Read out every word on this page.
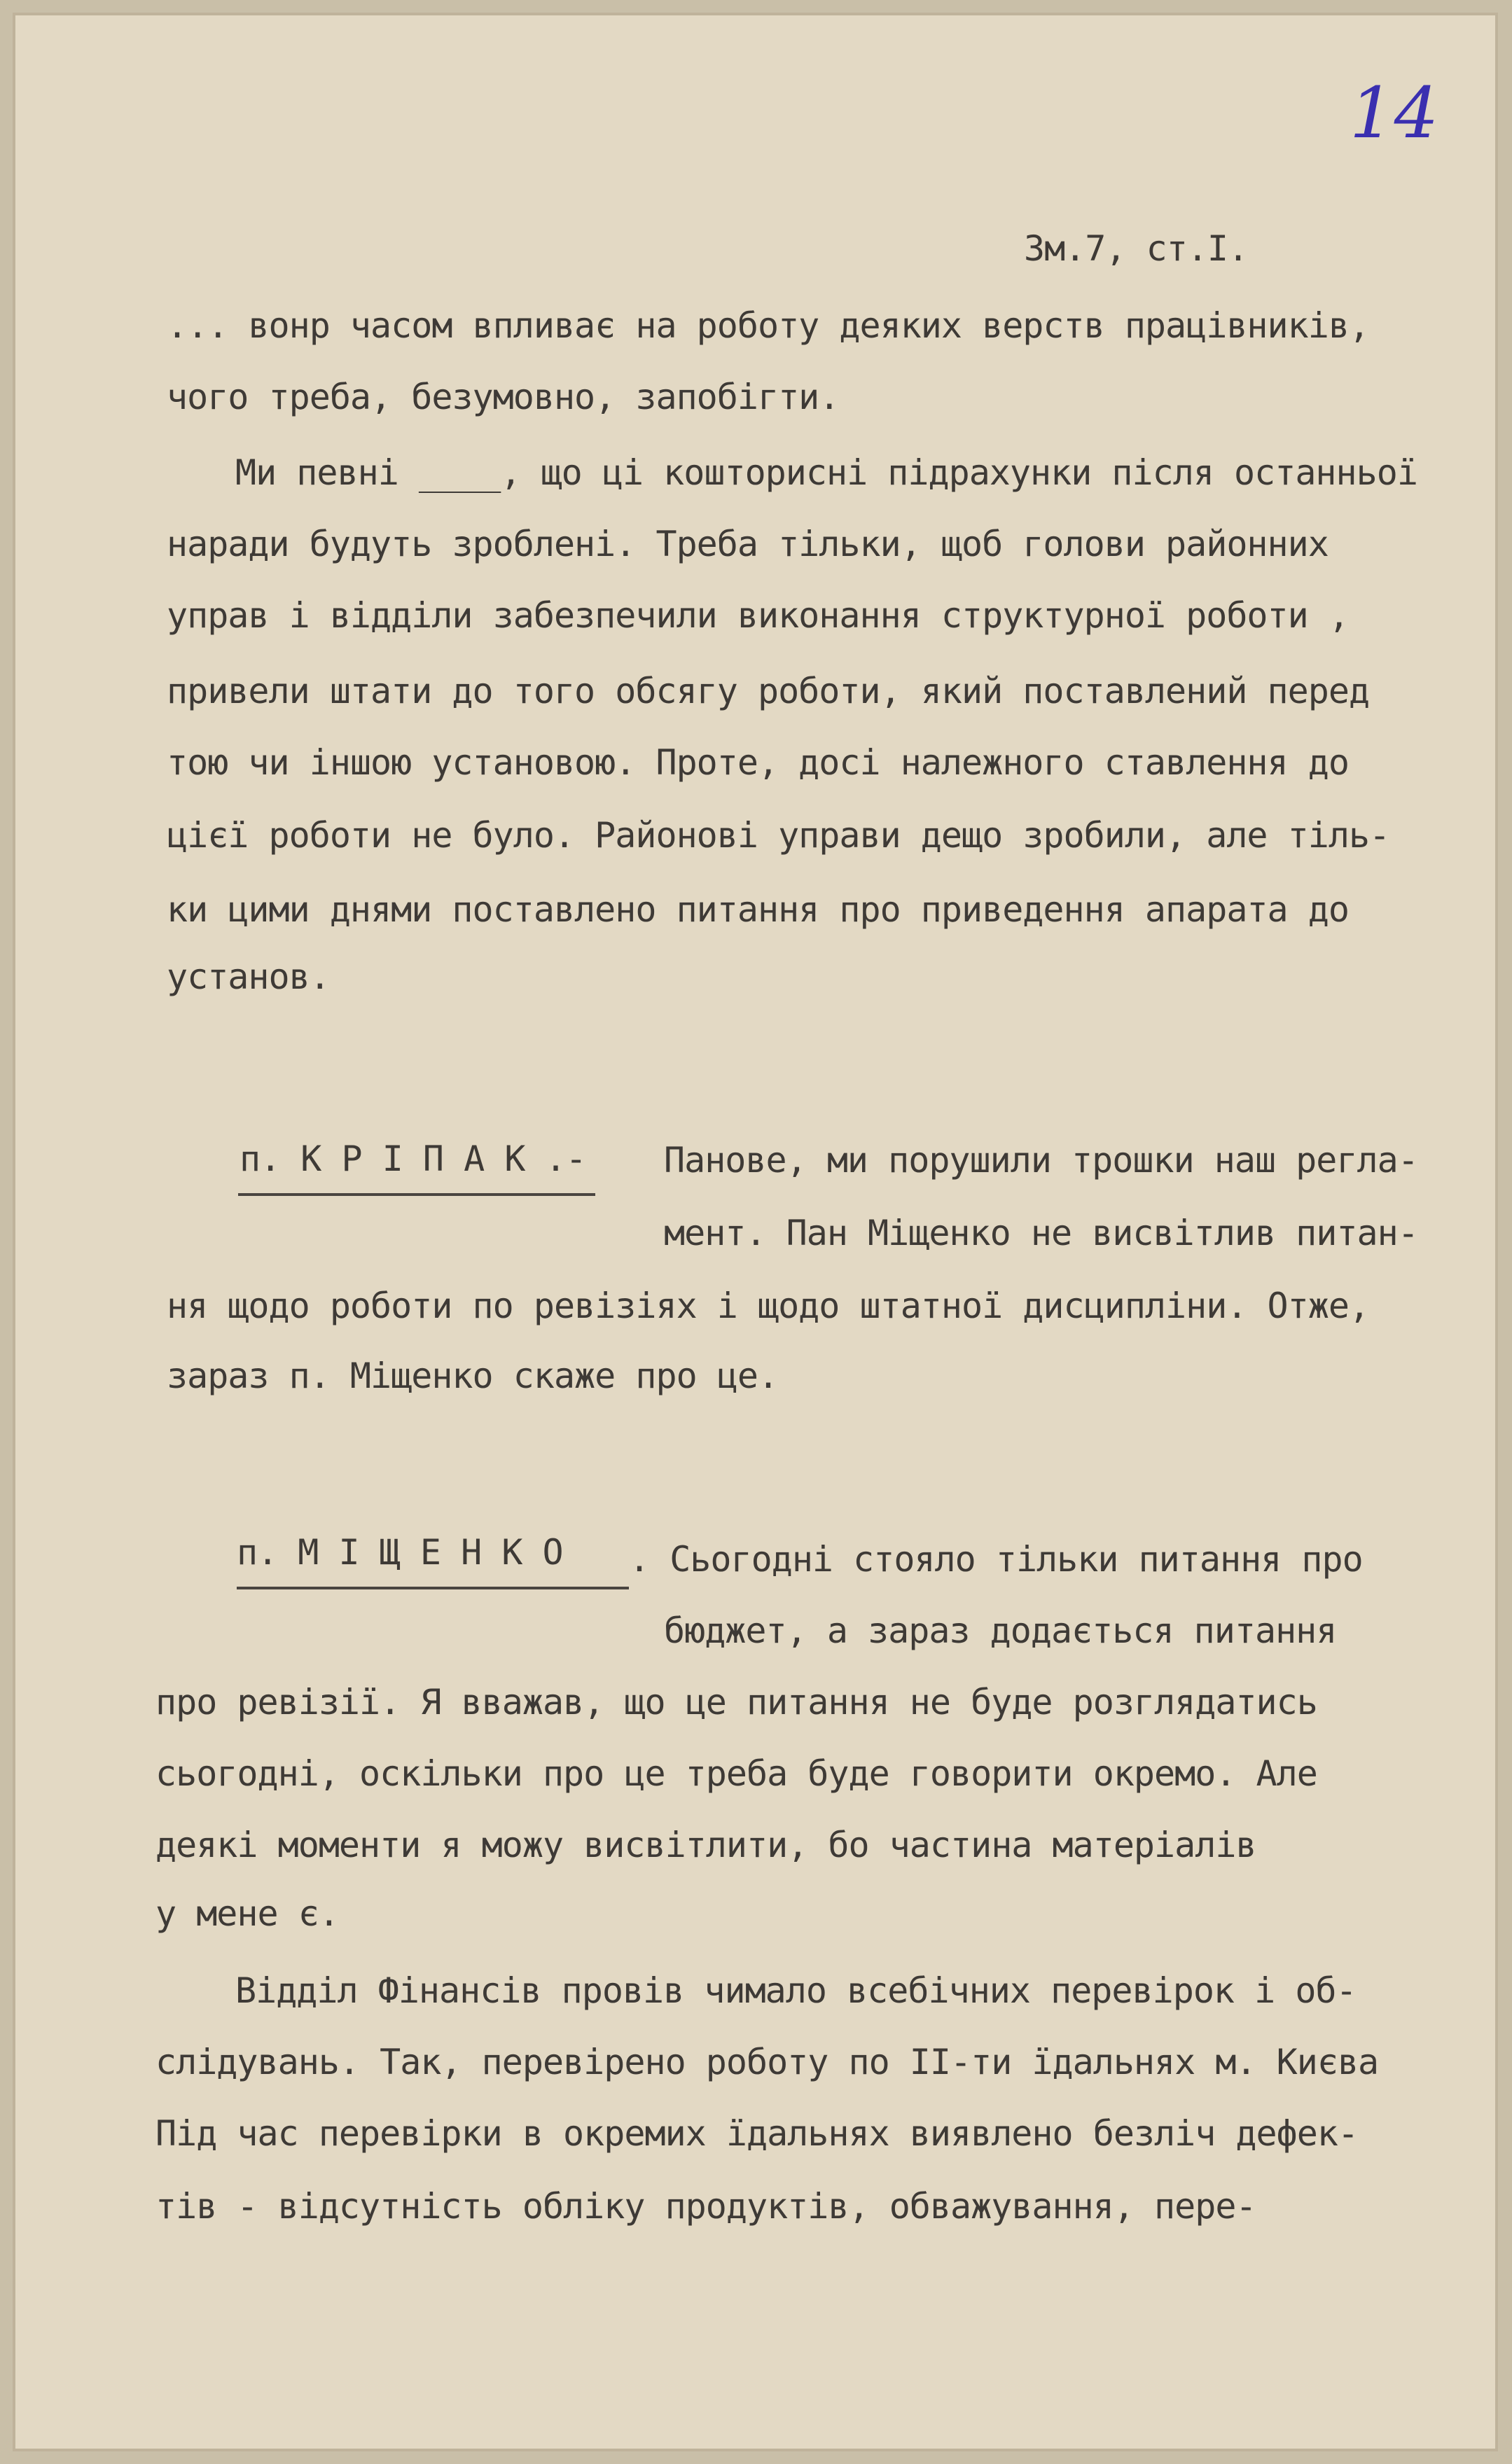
14
Зм.7, ст.І.
... вонр часом впливає на роботу деяких верств працівників,
чого треба, безумовно, запобігти.
Ми певні ____, що ці кошторисні підрахунки після останньої
наради будуть зроблені. Треба тільки, щоб голови районних
управ і відділи забезпечили виконання структурної роботи ,
привели штати до того обсягу роботи, який поставлений перед
тою чи іншою установою. Проте, досі належного ставлення до
цієї роботи не було. Районові управи дещо зробили, але тіль-
ки цими днями поставлено питання про приведення апарата до
установ.
п. К Р І П А К .- Панове, ми порушили трошки наш регла-
мент. Пан Міщенко не висвітлив питан-
ня щодо роботи по ревізіях і щодо штатної дисципліни. Отже,
зараз п. Міщенко скаже про це.
п. М І Щ Е Н К О . Сьогодні стояло тільки питання про
бюджет, а зараз додається питання
про ревізії. Я вважав, що це питання не буде розглядатись
сьогодні, оскільки про це треба буде говорити окремо. Але
деякі моменти я можу висвітлити, бо частина матеріалів
у мене є.
Відділ Фінансів провів чимало всебічних перевірок і об-
слідувань. Так, перевірено роботу по ІІ-ти їдальнях м. Києва
Під час перевірки в окремих їдальнях виявлено безліч дефек-
тів - відсутність обліку продуктів, обважування, пере-
